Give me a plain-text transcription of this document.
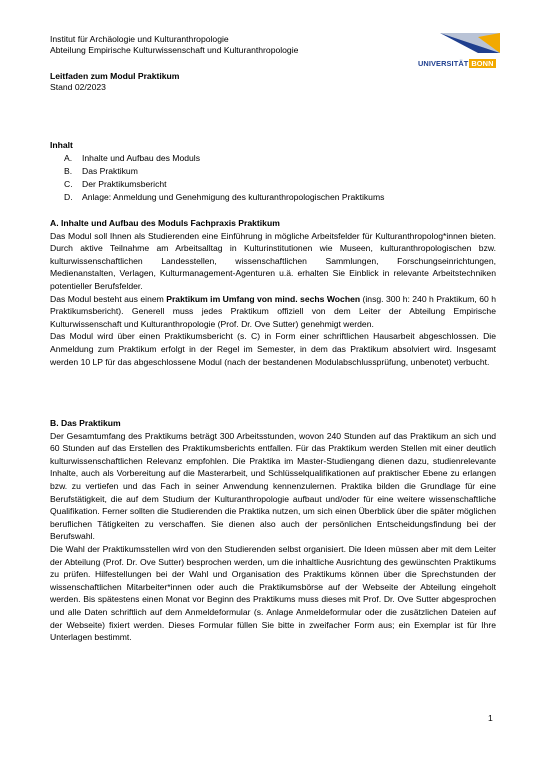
Institut für Archäologie und Kulturanthropologie
Abteilung Empirische Kulturwissenschaft und Kulturanthropologie
UNIVERSITÄT BONN
Leitfaden zum Modul Praktikum
Stand 02/2023
Inhalt
A. Inhalte und Aufbau des Moduls
B. Das Praktikum
C. Der Praktikumsbericht
D. Anlage: Anmeldung und Genehmigung des kulturanthropologischen Praktikums
A. Inhalte und Aufbau des Moduls Fachpraxis Praktikum

Das Modul soll Ihnen als Studierenden eine Einführung in mögliche Arbeitsfelder für Kulturanthropolog*innen bieten. Durch aktive Teilnahme am Arbeitsalltag in Kulturinstitutionen wie Museen, kulturanthropologischen bzw. kulturwissenschaftlichen Landesstellen, wissenschaftlichen Sammlungen, Forschungseinrichtungen, Medienanstalten, Verlagen, Kulturmanagement-Agenturen u.ä. erhalten Sie Einblick in relevante Arbeitstechniken potentieller Berufsfelder.

Das Modul besteht aus einem Praktikum im Umfang von mind. sechs Wochen (insg. 300 h: 240 h Praktikum, 60 h Praktikumsbericht). Generell muss jedes Praktikum offiziell von dem Leiter der Abteilung Empirische Kulturwissenschaft und Kulturanthropologie (Prof. Dr. Ove Sutter) genehmigt werden.

Das Modul wird über einen Praktikumsbericht (s. C) in Form einer schriftlichen Hausarbeit abgeschlossen. Die Anmeldung zum Praktikum erfolgt in der Regel im Semester, in dem das Praktikum absolviert wird. Insgesamt werden 10 LP für das abgeschlossene Modul (nach der bestandenen Modulabschlussprüfung, unbenotet) verbucht.

B. Das Praktikum

Der Gesamtumfang des Praktikums beträgt 300 Arbeitsstunden, wovon 240 Stunden auf das Praktikum an sich und 60 Stunden auf das Erstellen des Praktikumsberichts entfallen. Für das Praktikum werden Stellen mit einer deutlich kulturwissenschaftlichen Relevanz empfohlen. Die Praktika im Master-Studiengang dienen dazu, studienrelevante Inhalte, auch als Vorbereitung auf die Masterarbeit, und Schlüsselqualifikationen auf praktischer Ebene zu erlangen bzw. zu vertiefen und das Fach in seiner Anwendung kennenzulernen. Praktika bilden die Grundlage für eine Berufstätigkeit, die auf dem Studium der Kulturanthropologie aufbaut und/oder für eine weitere wissenschaftliche Qualifikation. Ferner sollten die Studierenden die Praktika nutzen, um sich einen Überblick über die später möglichen beruflichen Tätigkeiten zu verschaffen. Sie dienen also auch der persönlichen Entscheidungsfindung bei der Berufswahl.

Die Wahl der Praktikumsstellen wird von den Studierenden selbst organisiert. Die Ideen müssen aber mit dem Leiter der Abteilung (Prof. Dr. Ove Sutter) besprochen werden, um die inhaltliche Ausrichtung des gewünschten Praktikums zu prüfen. Hilfestellungen bei der Wahl und Organisation des Praktikums können über die Sprechstunden der wissenschaftlichen Mitarbeiter*innen oder auch die Praktikumsbörse auf der Webseite der Abteilung eingeholt werden. Bis spätestens einen Monat vor Beginn des Praktikums muss dieses mit Prof. Dr. Ove Sutter abgesprochen und alle Daten schriftlich auf dem Anmeldeformular (s. Anlage Anmeldeformular oder die zusätzlichen Dateien auf der Webseite) fixiert werden. Dieses Formular füllen Sie bitte in zweifacher Form aus; ein Exemplar ist für Ihre Unterlagen bestimmt.

1
